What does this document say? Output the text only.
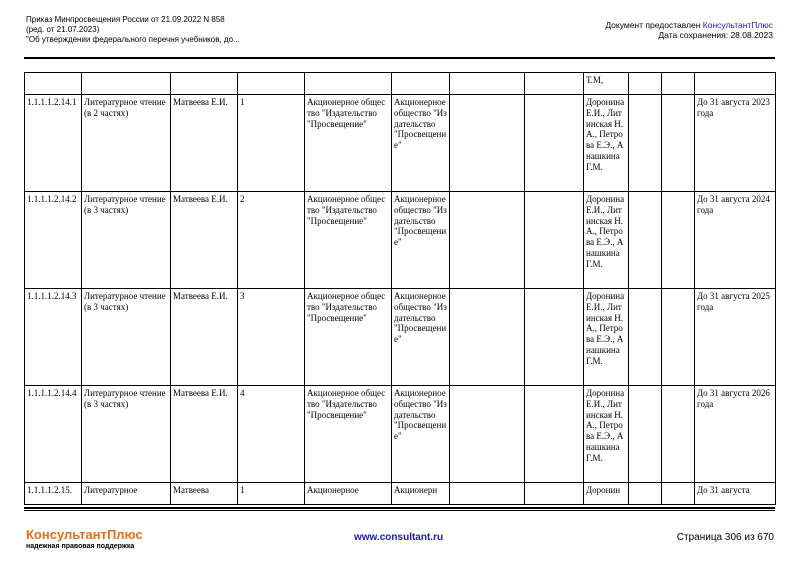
Приказ Минпросвещения России от 21.09.2022 N 858
(ред. от 21.07.2023)
"Об утверждении федерального перечня учебников, до...
Документ предоставлен КонсультантПлюс
Дата сохранения: 28.08.2023
								Т.М,			
1.1.1.1.2.14.1	Литературное чтение (в 2 частях)	Матвеева Е.И.	1	Акционерное общество "Издательство "Просвещение"	Акционерное общество "Издательство "Просвещение"			Доронина Е.И., Литинская Н.А., Петрова Е.Э., Анашкина Г.М.			До 31 августа 2023 года
1.1.1.1.2.14.2	Литературное чтение (в 3 частях)	Матвеева Е.И.	2	Акционерное общество "Издательство "Просвещение"	Акционерное общество "Издательство "Просвещение"			Доронина Е.И., Литинская Н.А., Петрова Е.Э., Анашкина Г.М.			До 31 августа 2024 года
1.1.1.1.2.14.3	Литературное чтение (в 3 частях)	Матвеева Е.И.	3	Акционерное общество "Издательство "Просвещение"	Акционерное общество "Издательство "Просвещение"			Доронина Е.И., Литинская Н.А., Петрова Е.Э., Анашкина Г.М.			До 31 августа 2025 года
1.1.1.1.2.14.4	Литературное чтение (в 3 частях)	Матвеева Е.И.	4	Акционерное общество "Издательство "Просвещение"	Акционерное общество "Издательство "Просвещение"			Доронина Е.И., Литинская Н.А., Петрова Е.Э., Анашкина Г.М.			До 31 августа 2026 года
1.1.1.1.2.15.	Литературное	Матвеева	1	Акционерное	Акционерн			Доронин			До 31 августа
КонсультантПлюс
надежная правовая поддержка
www.consultant.ru	Страница 306 из 670
